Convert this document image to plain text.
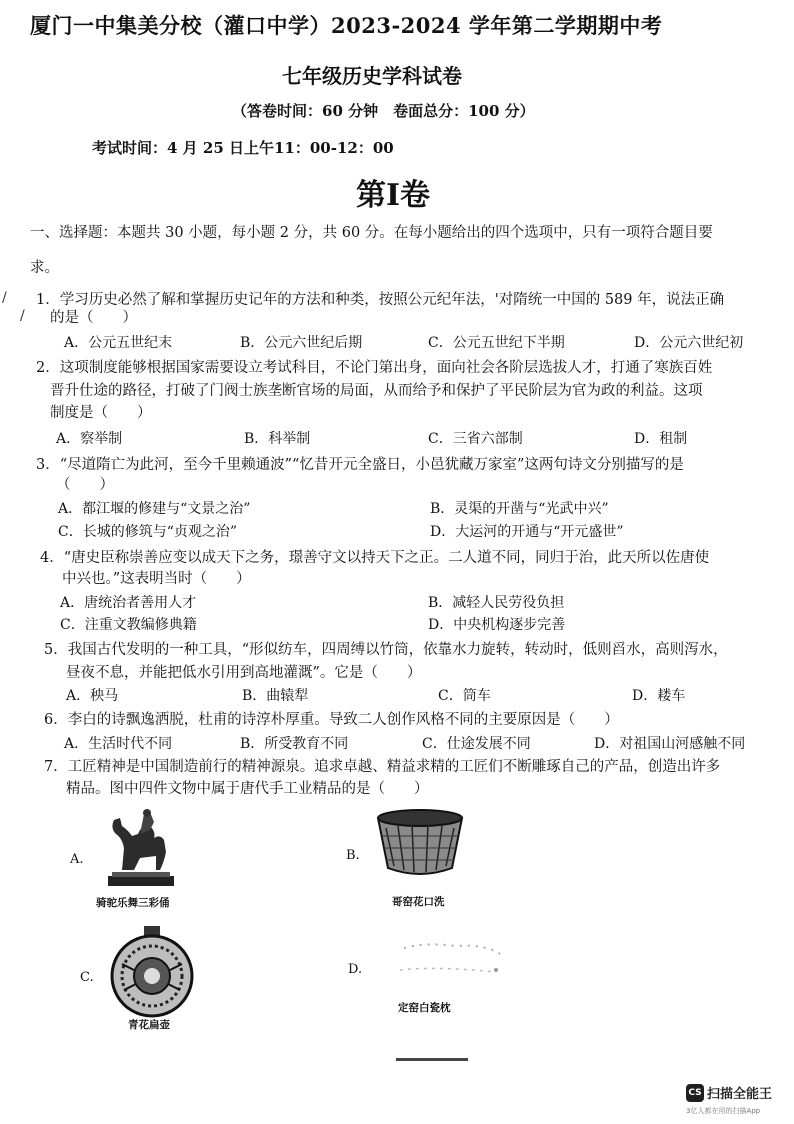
厦门一中集美分校（灌口中学）2023-2024 学年第二学期期中考
七年级历史学科试卷
（答卷时间：60 分钟　卷面总分：100 分）
考试时间：4 月 25 日上午11：00-12：00
第I卷
一、选择题：本题共 30 小题，每小题 2 分，共 60 分。在每小题给出的四个选项中，只有一项符合题目要
求。
/
/
1．学习历史必然了解和掌握历史记年的方法和种类，按照公元纪年法，'对隋统一中国的 589 年，说法正确
的是（　　）
A．公元五世纪末	B．公元六世纪后期	C．公元五世纪下半期	D．公元六世纪初
2．这项制度能够根据国家需要设立考试科目，不论门第出身，面向社会各阶层选拔人才，打通了寒族百姓
晋升仕途的路径，打破了门阀士族垄断官场的局面，从而给予和保护了平民阶层为官为政的利益。这项
制度是（　　）
A．察举制	B．科举制	C．三省六部制	D．租制
3．“尽道隋亡为此河，至今千里赖通波”“忆昔开元全盛日，小邑犹藏万家室”这两句诗文分别描写的是
（　　）
A．都江堰的修建与“文景之治”	B．灵渠的开凿与“光武中兴”
C．长城的修筑与“贞观之治”	D．大运河的开通与“开元盛世”
4．“唐史臣称崇善应变以成天下之务，璟善守文以持天下之正。二人道不同，同归于治，此天所以佐唐使
中兴也。”这表明当时（　　）
A．唐统治者善用人才	B．减轻人民劳役负担
C．注重文教编修典籍	D．中央机构逐步完善
5．我国古代发明的一种工具，“形似纺车，四周缚以竹筒，依靠水力旋转，转动时，低则舀水，高则泻水，
昼夜不息，并能把低水引用到高地灌溉”。它是（　　）
A．秧马	B．曲辕犁	C．筒车	D．耧车
6．李白的诗飘逸洒脱，杜甫的诗淳朴厚重。导致二人创作风格不同的主要原因是（　　）
A．生活时代不同	B．所受教育不同	C．仕途发展不同	D．对祖国山河感触不同
7．工匠精神是中国制造前行的精神源泉。追求卓越、精益求精的工匠们不断雕琢自己的产品，创造出许多
精品。图中四件文物中属于唐代手工业精品的是（　　）
A.
骑驼乐舞三彩俑
B.
哥窑花口洗
C.
青花扁壶
D.
定窑白瓷枕
CS 扫描全能王
3亿人都在用的扫描App
